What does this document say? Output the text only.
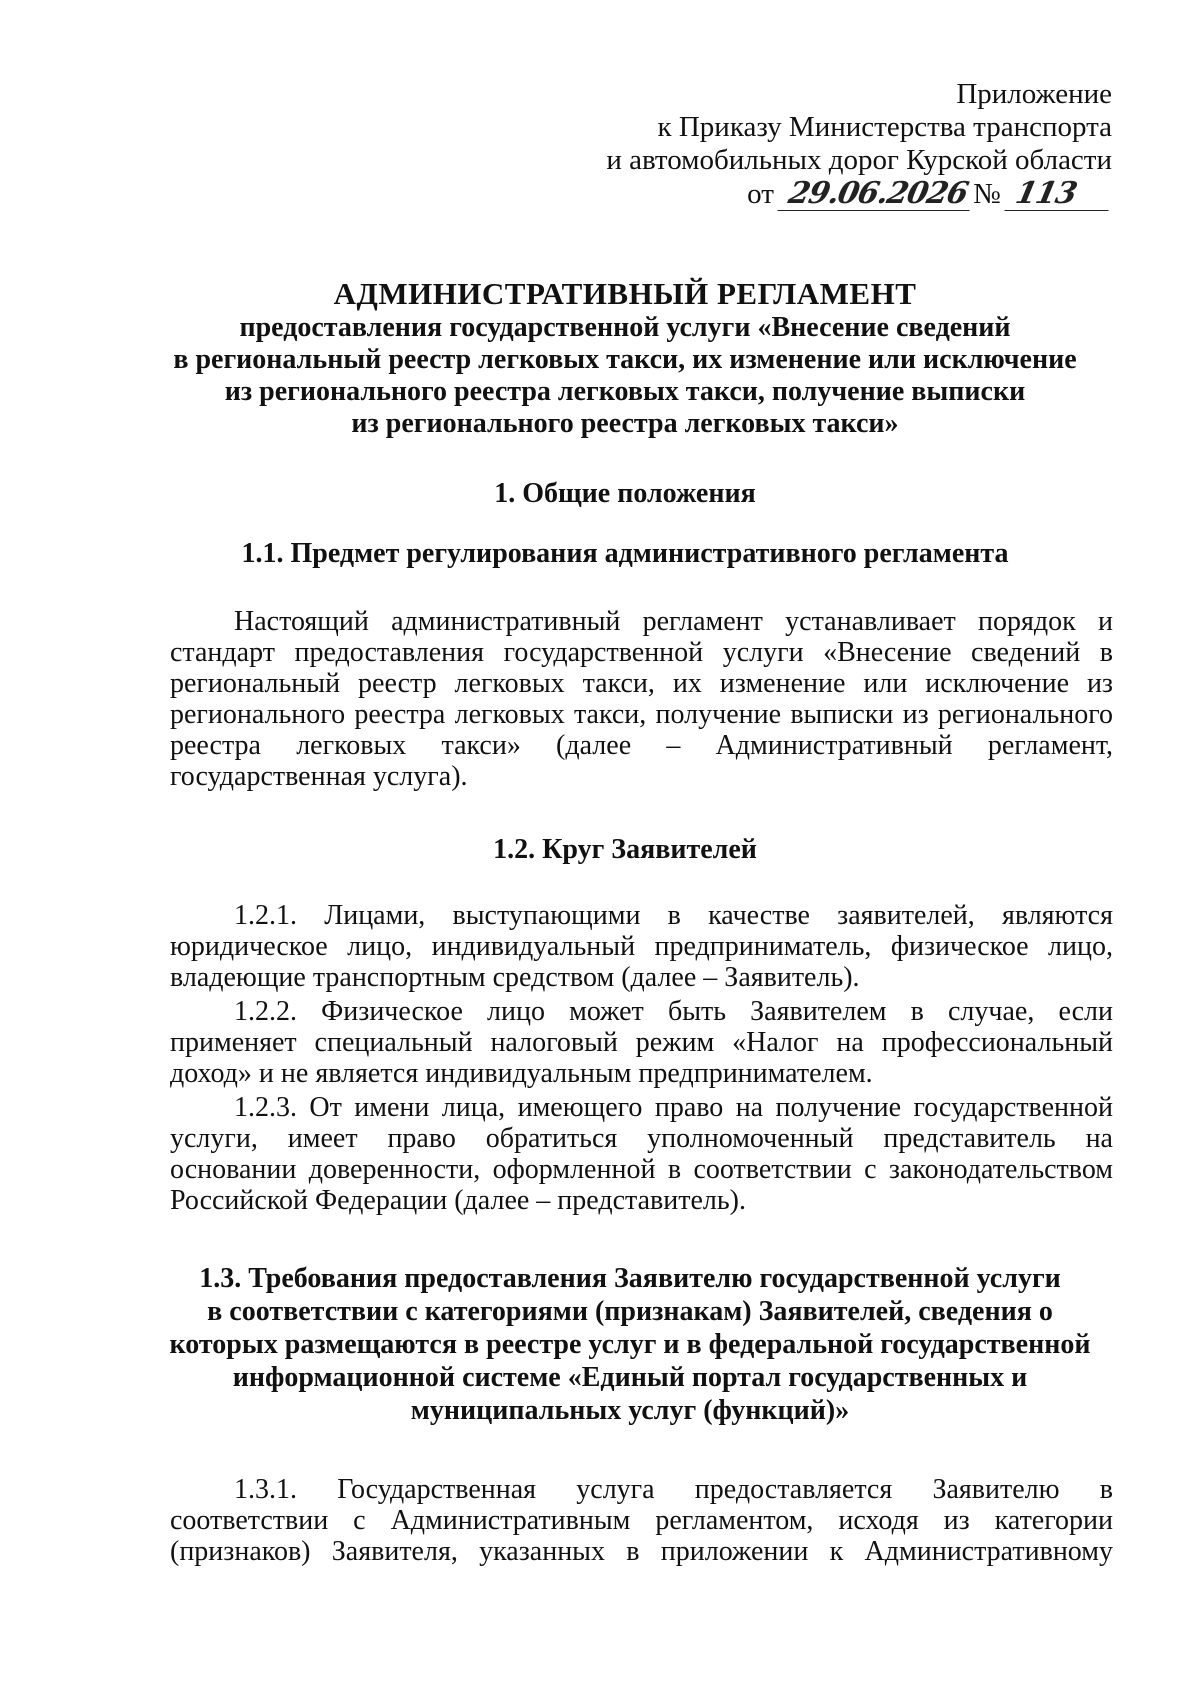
Приложение
к Приказу Министерства транспорта
и автомобильных дорог Курской области
от
29.06.2026 №
113
АДМИНИСТРАТИВНЫЙ РЕГЛАМЕНТ
предоставления государственной услуги «Внесение сведений
в региональный реестр легковых такси, их изменение или исключение
из регионального реестра легковых такси, получение выписки
из регионального реестра легковых такси»
1. Общие положения
1.1. Предмет регулирования административного регламента
Настоящий административный регламент устанавливает порядок и
стандарт предоставления государственной услуги «Внесение сведений в
региональный реестр легковых такси, их изменение или исключение из
регионального реестра легковых такси, получение выписки из регионального
реестра легковых такси» (далее – Административный регламент,
государственная услуга).
1.2. Круг Заявителей
1.2.1. Лицами, выступающими в качестве заявителей, являются
юридическое лицо, индивидуальный предприниматель, физическое лицо,
владеющие транспортным средством (далее – Заявитель).
1.2.2. Физическое лицо может быть Заявителем в случае, если
применяет специальный налоговый режим «Налог на профессиональный
доход» и не является индивидуальным предпринимателем.
1.2.3. От имени лица, имеющего право на получение государственной
услуги, имеет право обратиться уполномоченный представитель на
основании доверенности, оформленной в соответствии с законодательством
Российской Федерации (далее – представитель).
1.3. Требования предоставления Заявителю государственной услуги
в соответствии с категориями (признакам) Заявителей, сведения о
которых размещаются в реестре услуг и в федеральной государственной
информационной системе «Единый портал государственных и
муниципальных услуг (функций)»
1.3.1. Государственная услуга предоставляется Заявителю в
соответствии с Административным регламентом, исходя из категории
(признаков) Заявителя, указанных в приложении к Административному
